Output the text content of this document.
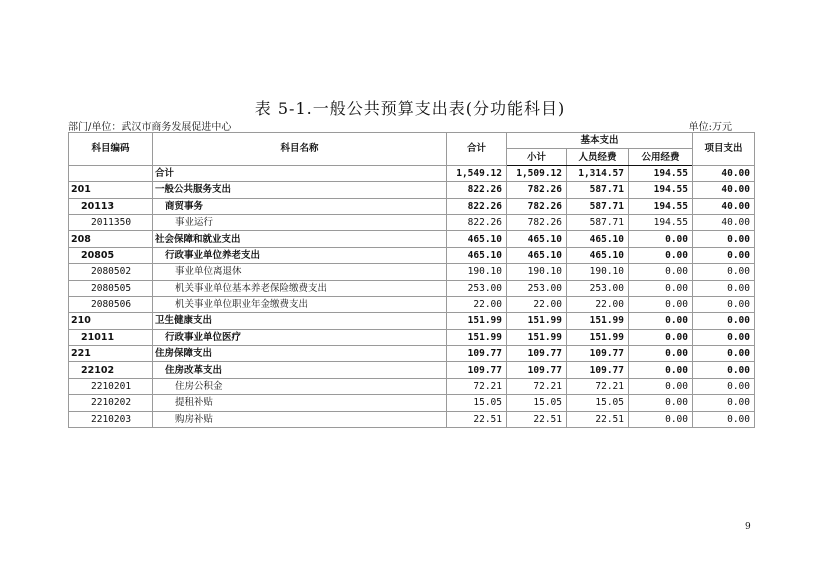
表 5-1.一般公共预算支出表(分功能科目)
部门/单位：武汉市商务发展促进中心	单位:万元
科目编码	科目名称	合计	基本支出			项目支出
			小计	人员经费	公用经费	
	合计	1,549.12	1,509.12	1,314.57	194.55	40.00
201	一般公共服务支出	822.26	782.26	587.71	194.55	40.00
20113	商贸事务	822.26	782.26	587.71	194.55	40.00
2011350	事业运行	822.26	782.26	587.71	194.55	40.00
208	社会保障和就业支出	465.10	465.10	465.10	0.00	0.00
20805	行政事业单位养老支出	465.10	465.10	465.10	0.00	0.00
2080502	事业单位离退休	190.10	190.10	190.10	0.00	0.00
2080505	机关事业单位基本养老保险缴费支出	253.00	253.00	253.00	0.00	0.00
2080506	机关事业单位职业年金缴费支出	22.00	22.00	22.00	0.00	0.00
210	卫生健康支出	151.99	151.99	151.99	0.00	0.00
21011	行政事业单位医疗	151.99	151.99	151.99	0.00	0.00
221	住房保障支出	109.77	109.77	109.77	0.00	0.00
22102	住房改革支出	109.77	109.77	109.77	0.00	0.00
2210201	住房公积金	72.21	72.21	72.21	0.00	0.00
2210202	提租补贴	15.05	15.05	15.05	0.00	0.00
2210203	购房补贴	22.51	22.51	22.51	0.00	0.00
9
